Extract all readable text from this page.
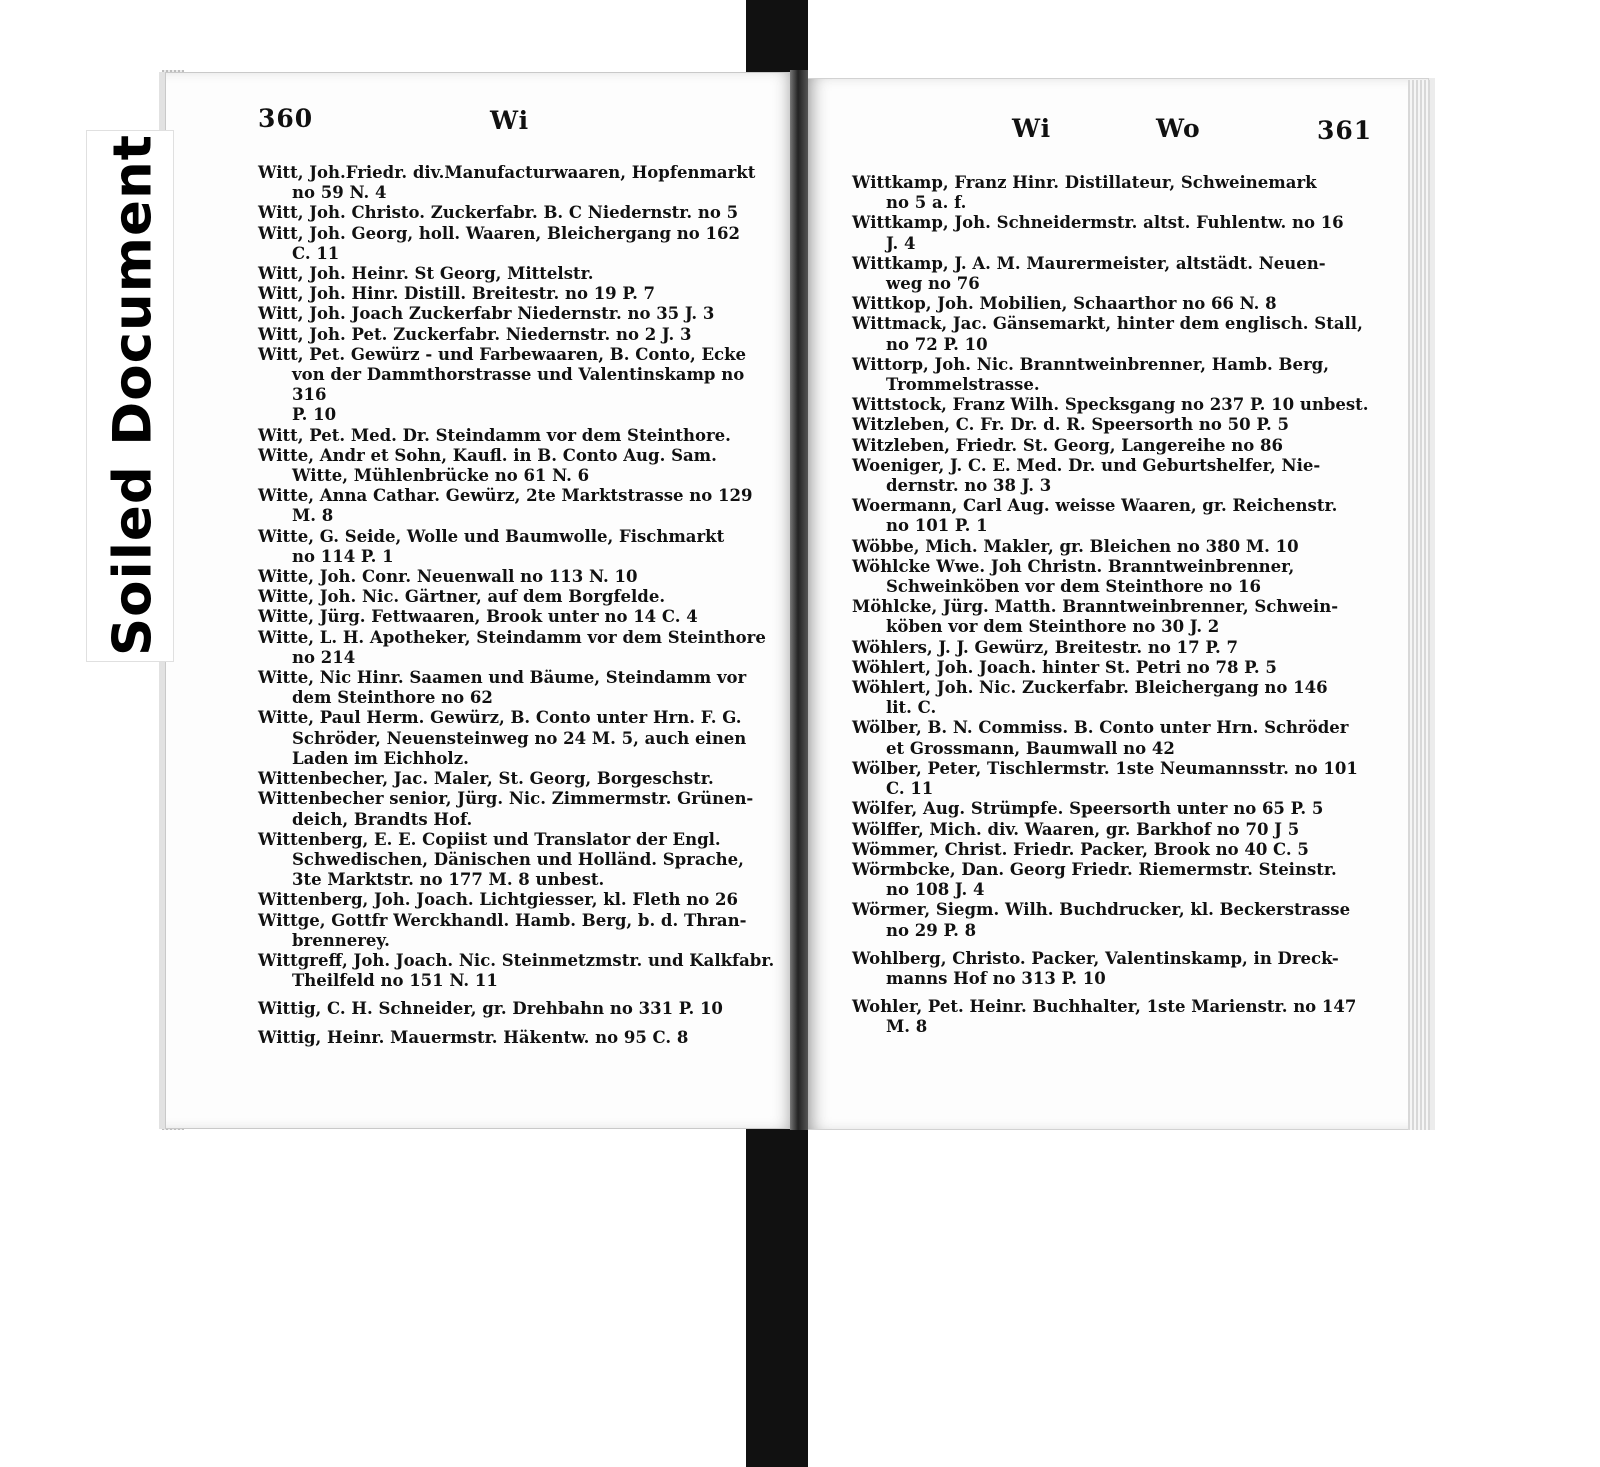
Soiled Document
360	Wi	Wi	Wo	361

Witt, Joh.Friedr. div.Manufacturwaaren, Hopfenmarkt
no 59 N. 4

Witt, Joh. Christo. Zuckerfabr. B. C Niedernstr. no 5

Witt, Joh. Georg, holl. Waaren, Bleichergang no 162
C. 11

Witt, Joh. Heinr. St Georg, Mittelstr.

Witt, Joh. Hinr. Distill. Breitestr. no 19 P. 7

Witt, Joh. Joach Zuckerfabr Niedernstr. no 35 J. 3

Witt, Joh. Pet. Zuckerfabr. Niedernstr. no 2 J. 3

Witt, Pet. Gewürz - und Farbewaaren, B. Conto, Ecke
von der Dammthorstrasse und Valentinskamp no 316
P. 10

Witt, Pet. Med. Dr. Steindamm vor dem Steinthore.

Witte, Andr et Sohn, Kaufl. in B. Conto Aug. Sam.
Witte, Mühlenbrücke no 61 N. 6

Witte, Anna Cathar. Gewürz, 2te Marktstrasse no 129
M. 8

Witte, G. Seide, Wolle und Baumwolle, Fischmarkt
no 114 P. 1

Witte, Joh. Conr. Neuenwall no 113 N. 10

Witte, Joh. Nic. Gärtner, auf dem Borgfelde.

Witte, Jürg. Fettwaaren, Brook unter no 14 C. 4

Witte, L. H. Apotheker, Steindamm vor dem Steinthore
no 214

Witte, Nic Hinr. Saamen und Bäume, Steindamm vor
dem Steinthore no 62

Witte, Paul Herm. Gewürz, B. Conto unter Hrn. F. G.
Schröder, Neuensteinweg no 24 M. 5, auch einen
Laden im Eichholz.

Wittenbecher, Jac. Maler, St. Georg, Borgeschstr.

Wittenbecher senior, Jürg. Nic. Zimmermstr. Grünen-
deich, Brandts Hof.

Wittenberg, E. E. Copiist und Translator der Engl.
Schwedischen, Dänischen und Holländ. Sprache,
3te Marktstr. no 177 M. 8 unbest.

Wittenberg, Joh. Joach. Lichtgiesser, kl. Fleth no 26

Wittge, Gottfr Werckhandl. Hamb. Berg, b. d. Thran-
brennerey.

Wittgreff, Joh. Joach. Nic. Steinmetzmstr. und Kalkfabr.
Theilfeld no 151 N. 11

Wittig, C. H. Schneider, gr. Drehbahn no 331 P. 10

Wittig, Heinr. Mauermstr. Häkentw. no 95 C. 8

Wittkamp, Franz Hinr. Distillateur, Schweinemark
no 5 a. f.

Wittkamp, Joh. Schneidermstr. altst. Fuhlentw. no 16
J. 4

Wittkamp, J. A. M. Maurermeister, altstädt. Neuen-
weg no 76

Wittkop, Joh. Mobilien, Schaarthor no 66 N. 8

Wittmack, Jac. Gänsemarkt, hinter dem englisch. Stall,
no 72 P. 10

Wittorp, Joh. Nic. Branntweinbrenner, Hamb. Berg,
Trommelstrasse.

Wittstock, Franz Wilh. Specksgang no 237 P. 10 unbest.

Witzleben, C. Fr. Dr. d. R. Speersorth no 50 P. 5

Witzleben, Friedr. St. Georg, Langereihe no 86

Woeniger, J. C. E. Med. Dr. und Geburtshelfer, Nie-
dernstr. no 38 J. 3

Woermann, Carl Aug. weisse Waaren, gr. Reichenstr.
no 101 P. 1

Wöbbe, Mich. Makler, gr. Bleichen no 380 M. 10

Wöhlcke Wwe. Joh Christn. Branntweinbrenner,
Schweinköben vor dem Steinthore no 16

Möhlcke, Jürg. Matth. Branntweinbrenner, Schwein-
köben vor dem Steinthore no 30 J. 2

Wöhlers, J. J. Gewürz, Breitestr. no 17 P. 7

Wöhlert, Joh. Joach. hinter St. Petri no 78 P. 5

Wöhlert, Joh. Nic. Zuckerfabr. Bleichergang no 146
lit. C.

Wölber, B. N. Commiss. B. Conto unter Hrn. Schröder
et Grossmann, Baumwall no 42

Wölber, Peter, Tischlermstr. 1ste Neumannsstr. no 101
C. 11

Wölfer, Aug. Strümpfe. Speersorth unter no 65 P. 5

Wölffer, Mich. div. Waaren, gr. Barkhof no 70 J 5

Wömmer, Christ. Friedr. Packer, Brook no 40 C. 5

Wörmbcke, Dan. Georg Friedr. Riemermstr. Steinstr.
no 108 J. 4

Wörmer, Siegm. Wilh. Buchdrucker, kl. Beckerstrasse
no 29 P. 8

Wohlberg, Christo. Packer, Valentinskamp, in Dreck-
manns Hof no 313 P. 10

Wohler, Pet. Heinr. Buchhalter, 1ste Marienstr. no 147
M. 8
